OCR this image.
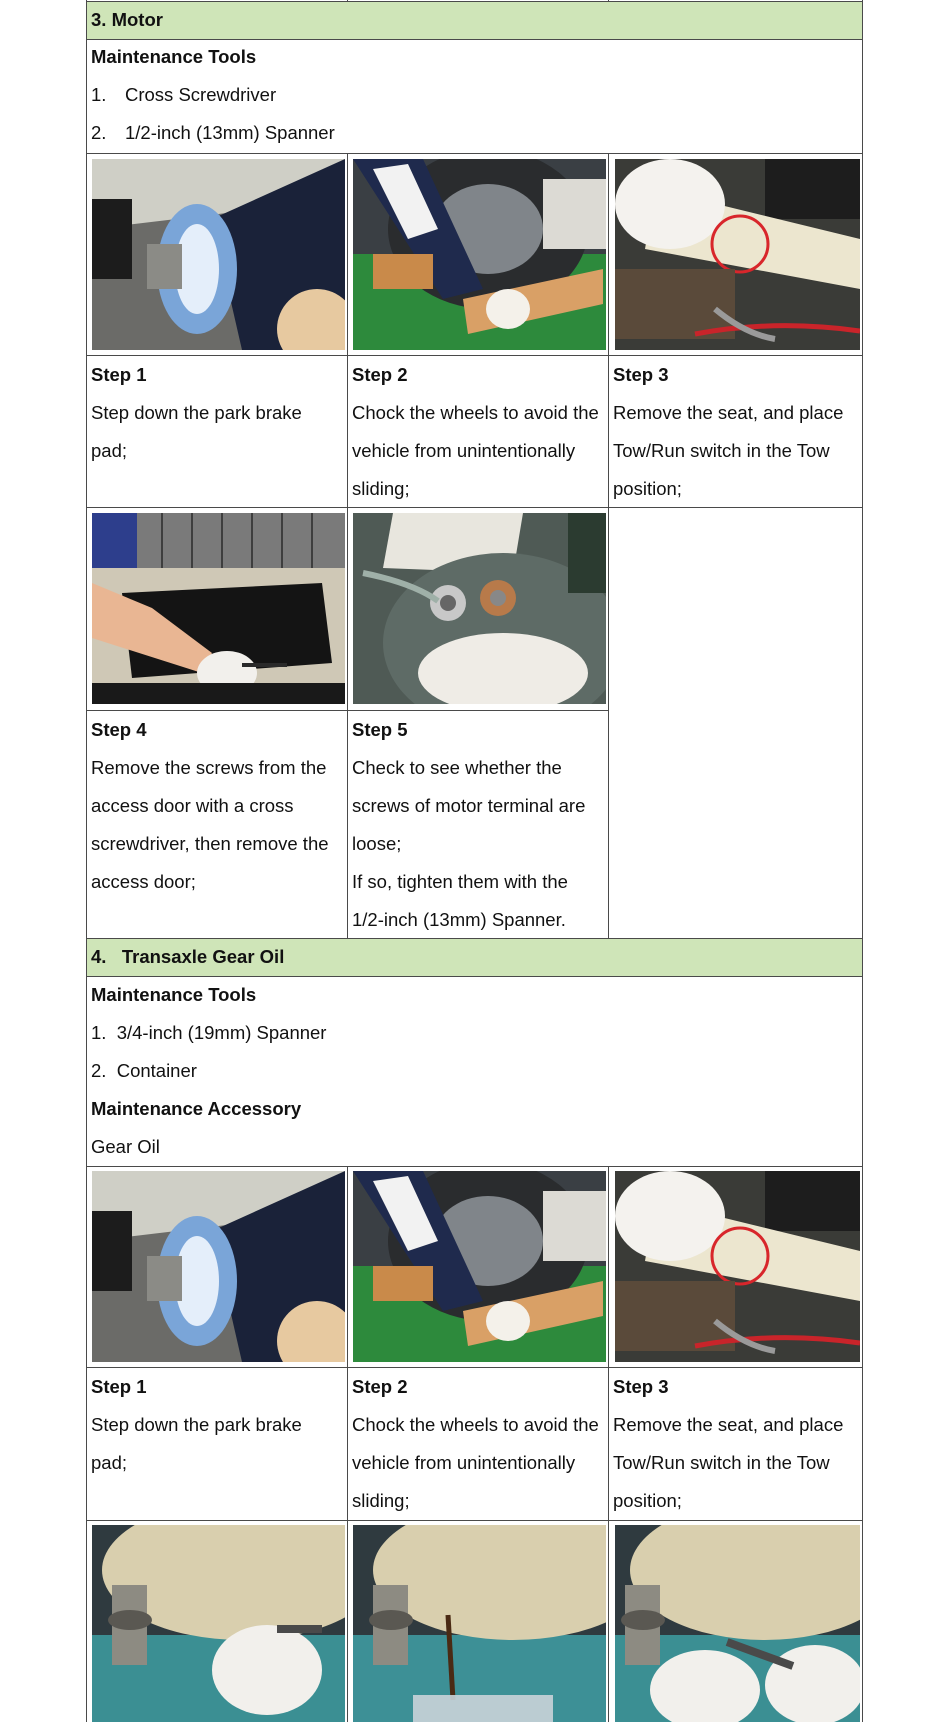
3. Motor
Maintenance Tools
1. Cross Screwdriver
2. 1/2-inch (13mm) Spanner
Step 1
Step down the park brake
pad;
Step 2
Chock the wheels to avoid the
vehicle from unintentionally
sliding;
Step 3
Remove the seat, and place
Tow/Run switch in the Tow
position;
Step 4
Remove the screws from the
access door with a cross
screwdriver, then remove the
access door;
Step 5
Check to see whether the
screws of motor terminal are
loose;
If so, tighten them with the
1/2-inch (13mm) Spanner.
4.   Transaxle Gear Oil
Maintenance Tools
1.  3/4-inch (19mm) Spanner
2.  Container
Maintenance Accessory
Gear Oil
Step 1
Step down the park brake
pad;
Step 2
Chock the wheels to avoid the
vehicle from unintentionally
sliding;
Step 3
Remove the seat, and place
Tow/Run switch in the Tow
position;
